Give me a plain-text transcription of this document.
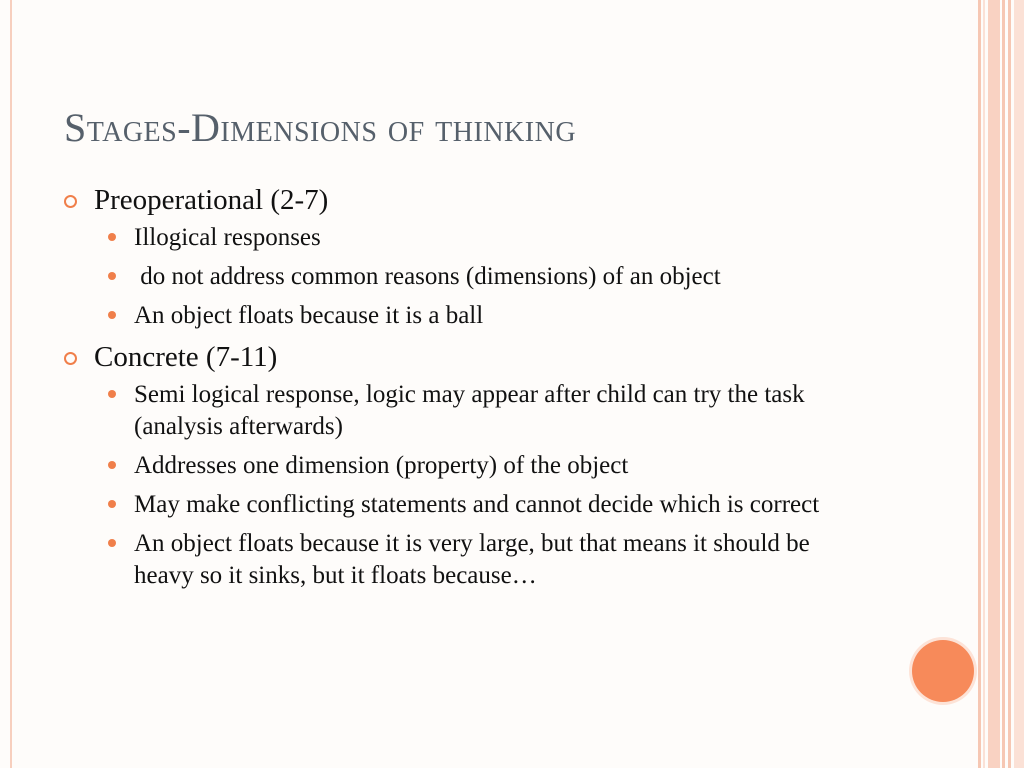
Stages-Dimensions of thinking
Preoperational (2-7)
Illogical responses
do not address common reasons (dimensions) of an object
An object floats because it is a ball
Concrete (7-11)
Semi logical response, logic may appear after child can try the task (analysis afterwards)
Addresses one dimension (property) of the object
May make conflicting statements and cannot decide which is correct
An object floats because it is very large, but that means it should be heavy so it sinks, but it floats because…
